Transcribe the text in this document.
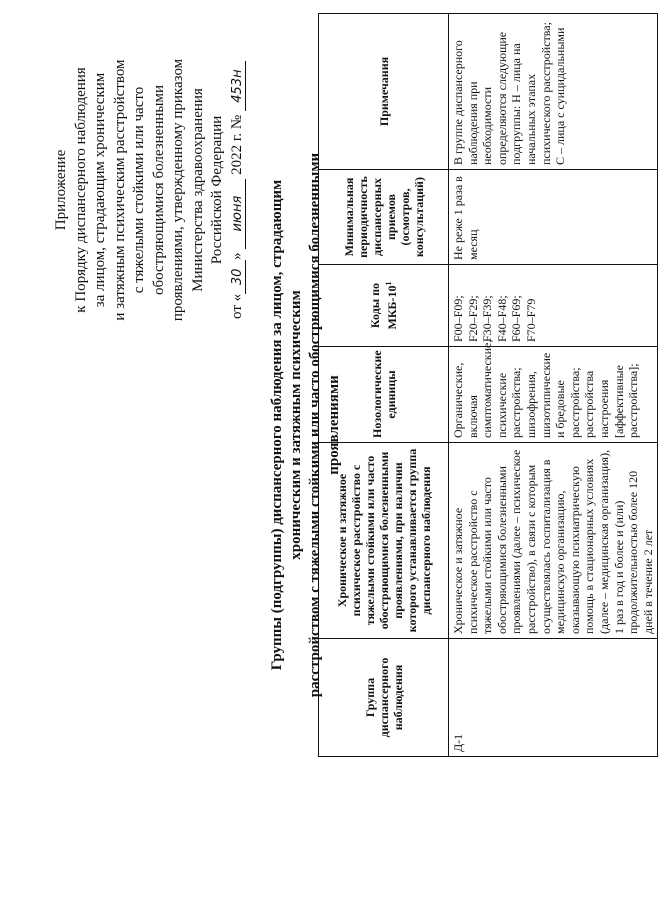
Приложение к Порядку диспансерного наблюдения за лицом, страдающим хроническим и затяжным психическим расстройством с тяжелыми стойкими или часто обостряющимися болезненными проявлениями, утвержденному приказом Министерства здравоохранения Российской Федерации
от «30» июня 2022 г. № 453н
Группы (подгруппы) диспансерного наблюдения за лицом, страдающим хроническим и затяжным психическим расстройством с тяжелыми стойкими или часто обострющимися болезненными проявлениями
Группа диспансерного наблюдения	Хроническое и затяжное психическое расстройство с тяжелыми стойкими или часто обостряющимися болезненными проявлениями, при наличии которого устанавливается группа диспансерного наблюдения	Нозологические единицы	Коды по МКБ-$10^1$	Минимальная периодичность диспансерных приемов (осмотров, консультаций)	Примечания
Д-1	Хроническое и затяжное психическое расстройство с тяжелыми стойкими или часто обостряющимися болезненными проявлениями (далее – психическое расстройство), в связи с которым осуществлялась госпитализация в медицинскую организацию, оказывающую психиатрическую помощь в стационарных условиях (далее – медицинская организация), 1 раз в год и более и (или) продолжительностью более 120 дней в течение 2 лет	Органические, включая симптоматические, психические расстройства; шизофрения, шизотипические и бредовые расстройства; расстройства настроения [аффективные расстройства];	F00–F09; F20–F29; F30–F39; F40–F48; F60–F69; F70–F79	Не реже 1 раза в месяц	В группе диспансерного наблюдения при необходимости определяются следующие подгруппы: Н – лица на начальных этапах психического расстройства; С – лица с суицидальными
